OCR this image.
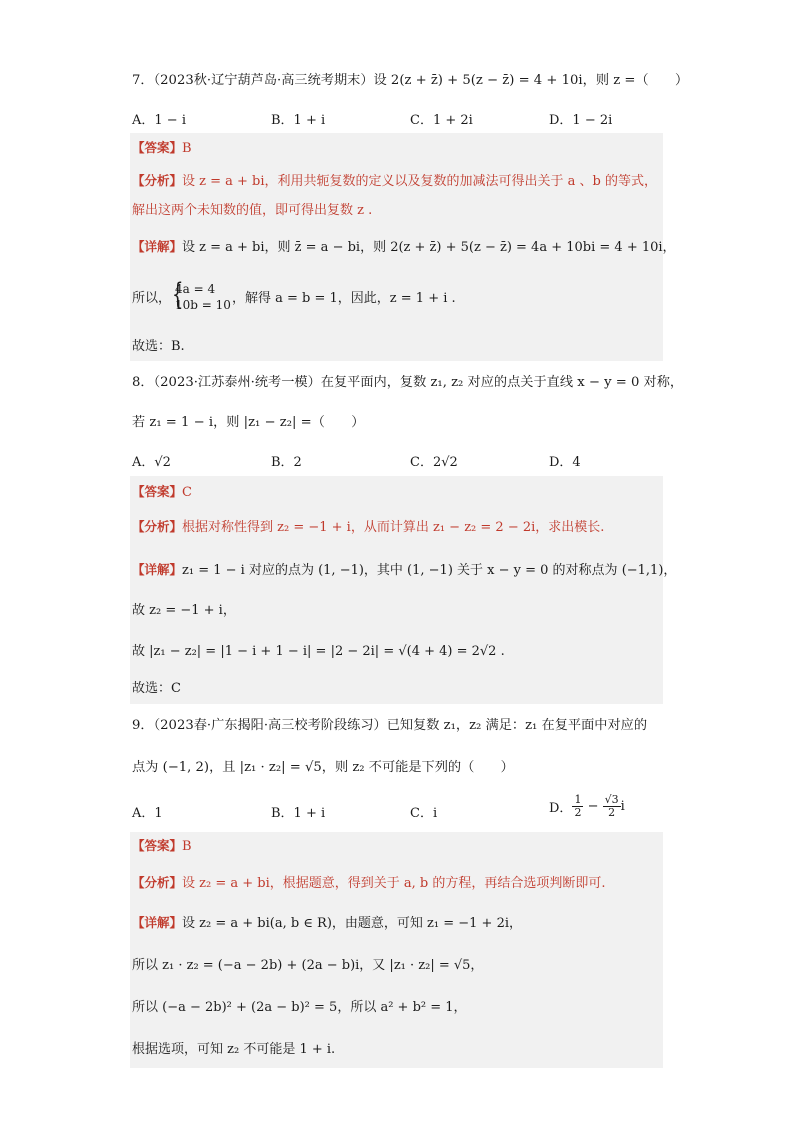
7．（2023秋·辽宁葫芦岛·高三统考期末）设 2(z + z̄) + 5(z − z̄) = 4 + 10i，则 z =（　　）
A．1 − i	B．1 + i	C．1 + 2i	D．1 − 2i
【答案】B
【分析】设 z = a + bi，利用共轭复数的定义以及复数的加减法可得出关于 a 、b 的等式，
解出这两个未知数的值，即可得出复数 z .
【详解】设 z = a + bi，则 z̄ = a − bi，则 2(z + z̄) + 5(z − z̄) = 4a + 10bi = 4 + 10i，
所以， {
4a = 4
10b = 10 ，解得 a = b = 1，因此，z = 1 + i .
故选：B.
8．（2023·江苏泰州·统考一模）在复平面内，复数 z₁, z₂ 对应的点关于直线 x − y = 0 对称，
若 z₁ = 1 − i，则 |z₁ − z₂| =（　　）
A．√2	B．2	C．2√2	D．4
【答案】C
【分析】根据对称性得到 z₂ = −1 + i，从而计算出 z₁ − z₂ = 2 − 2i，求出模长.
【详解】z₁ = 1 − i 对应的点为 (1, −1)，其中 (1, −1) 关于 x − y = 0 的对称点为 (−1,1)，
故 z₂ = −1 + i，
故 |z₁ − z₂| = |1 − i + 1 − i| = |2 − 2i| = √(4 + 4) = 2√2 .
故选：C
9．（2023春·广东揭阳·高三校考阶段练习）已知复数 z₁，z₂ 满足：z₁ 在复平面中对应的
点为 (−1, 2)，且 |z₁ · z₂| = √5，则 z₂ 不可能是下列的（　　）
A．1	B．1 + i	C．i	D． $\frac{1}{2} - \frac{√3}{2}$ i
【答案】B
【分析】设 z₂ = a + bi，根据题意，得到关于 a, b 的方程，再结合选项判断即可.
【详解】设 z₂ = a + bi(a, b ∈ R)，由题意，可知 z₁ = −1 + 2i，
所以 z₁ · z₂ = (−a − 2b) + (2a − b)i，又 |z₁ · z₂| = √5，
所以 (−a − 2b)² + (2a − b)² = 5，所以 a² + b² = 1，
根据选项，可知 z₂ 不可能是 1 + i.
